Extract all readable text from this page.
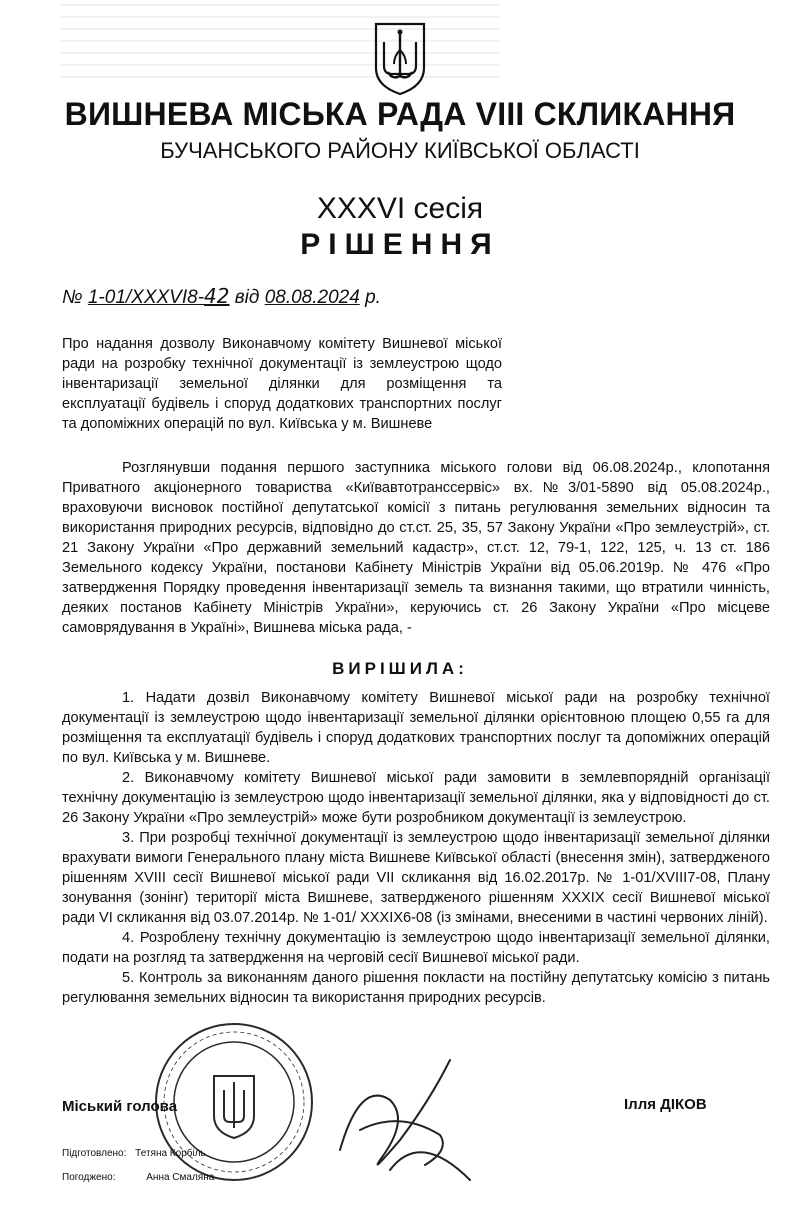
ВИШНЕВА МІСЬКА РАДА VIII СКЛИКАННЯ
БУЧАНСЬКОГО РАЙОНУ КИЇВСЬКОЇ ОБЛАСТІ
XXXVI сесія
РІШЕННЯ
№ 1-01/XXXVI8-42 від 08.08.2024 р.
Про надання дозволу Виконавчому комітету Вишневої міської ради на розробку технічної документації із землеустрою щодо інвентаризації земельної ділянки для розміщення та експлуатації будівель і споруд додаткових транспортних послуг та допоміжних операцій по вул. Київська у м. Вишневе
Розглянувши подання першого заступника міського голови від 06.08.2024р., клопотання Приватного акціонерного товариства «Київавтотранссервіс» вх.№3/01-5890 від 05.08.2024р., враховуючи висновок постійної депутатської комісії з питань регулювання земельних відносин та використання природних ресурсів, відповідно до ст.ст. 25, 35, 57 Закону України «Про землеустрій», ст. 21 Закону України «Про державний земельний кадастр», ст.ст. 12, 79-1, 122, 125, ч. 13 ст. 186 Земельного кодексу України, постанови Кабінету Міністрів України від 05.06.2019р. № 476 «Про затвердження Порядку проведення інвентаризації земель та визнання такими, що втратили чинність, деяких постанов Кабінету Міністрів України», керуючись ст. 26 Закону України «Про місцеве самоврядування в Україні», Вишнева міська рада, -
ВИРІШИЛА:

1. Надати дозвіл Виконавчому комітету Вишневої міської ради на розробку технічної документації із землеустрою щодо інвентаризації земельної ділянки орієнтовною площею 0,55 га для розміщення та експлуатації будівель і споруд додаткових транспортних послуг та допоміжних операцій по вул. Київська у м. Вишневе.

2. Виконавчому комітету Вишневої міської ради замовити в землевпорядній організації технічну документацію із землеустрою щодо інвентаризації земельної ділянки, яка у відповідності до ст. 26 Закону України «Про землеустрій» може бути розробником документації із землеустрою.

3. При розробці технічної документації із землеустрою щодо інвентаризації земельної ділянки врахувати вимоги Генерального плану міста Вишневе Київської області (внесення змін), затвердженого рішенням XVIII сесії Вишневої міської ради VII скликання від 16.02.2017р. № 1-01/XVIII7-08, Плану зонування (зонінг) території міста Вишневе, затвердженого рішенням XXXIX сесії Вишневої міської ради VI скликання від 03.07.2014р. № 1-01/ XXXIX6-08 (із змінами, внесеними в частині червоних ліній).

4. Розроблену технічну документацію із землеустрою щодо інвентаризації земельної ділянки, подати на розгляд та затвердження на черговій сесії Вишневої міської ради.

5. Контроль за виконанням даного рішення покласти на постійну депутатську комісію з питань регулювання земельних відносин та використання природних ресурсів.

Міський голова	Ілля ДІКОВ
Підготовлено: Тетяна Корбіль
Погоджено:	Анна Смаляна
